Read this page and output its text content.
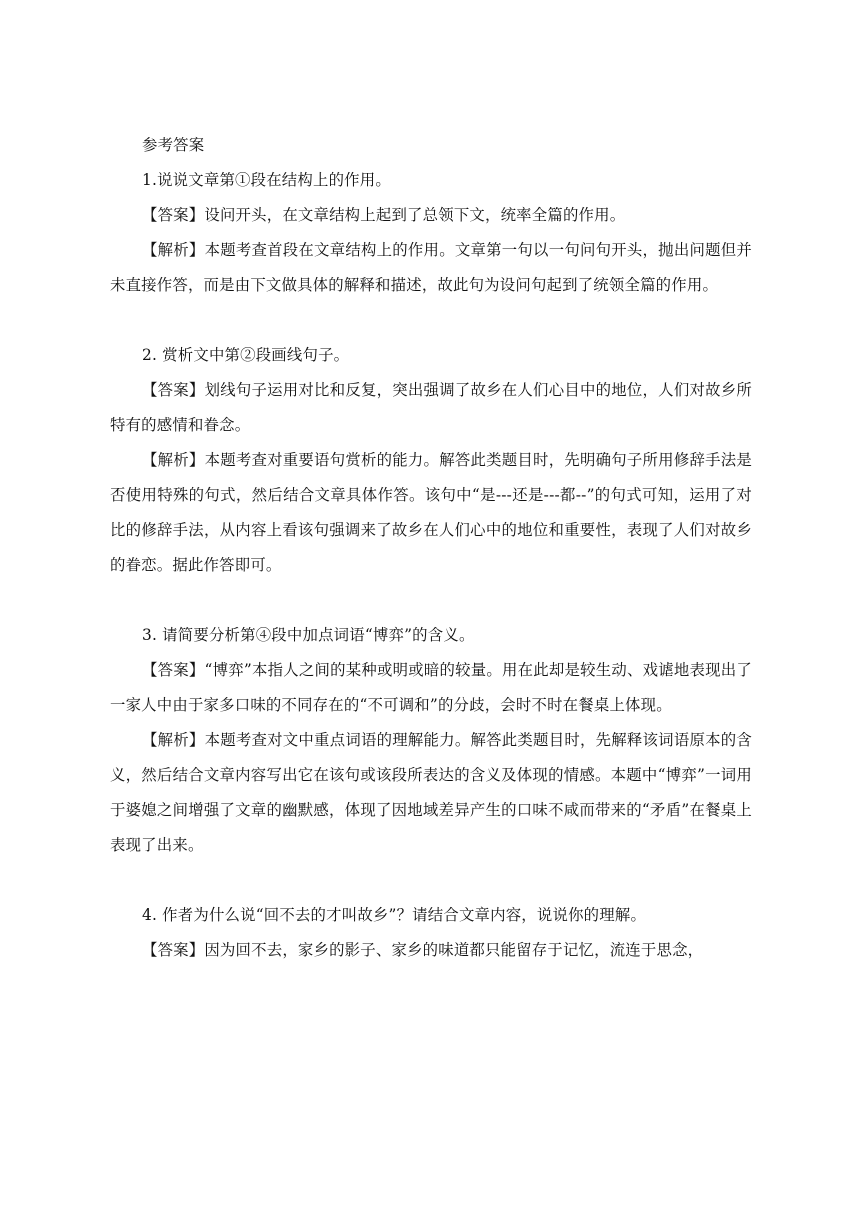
参考答案

1.说说文章第①段在结构上的作用。

【答案】设问开头，在文章结构上起到了总领下文，统率全篇的作用。

【解析】本题考查首段在文章结构上的作用。文章第一句以一句问句开头，抛出问题但并未直接作答，而是由下文做具体的解释和描述，故此句为设问句起到了统领全篇的作用。

2. 赏析文中第②段画线句子。

【答案】划线句子运用对比和反复，突出强调了故乡在人们心目中的地位，人们对故乡所特有的感情和眷念。

【解析】本题考查对重要语句赏析的能力。解答此类题目时，先明确句子所用修辞手法是否使用特殊的句式，然后结合文章具体作答。该句中“是---还是---都--”的句式可知，运用了对比的修辞手法，从内容上看该句强调来了故乡在人们心中的地位和重要性，表现了人们对故乡的眷恋。据此作答即可。

3. 请简要分析第④段中加点词语“博弈”的含义。

【答案】“博弈”本指人之间的某种或明或暗的较量。用在此却是较生动、戏谑地表现出了一家人中由于家多口味的不同存在的“不可调和”的分歧，会时不时在餐桌上体现。

【解析】本题考查对文中重点词语的理解能力。解答此类题目时，先解释该词语原本的含义，然后结合文章内容写出它在该句或该段所表达的含义及体现的情感。本题中“博弈”一词用于婆媳之间增强了文章的幽默感，体现了因地域差异产生的口味不咸而带来的“矛盾”在餐桌上表现了出来。

4. 作者为什么说“回不去的才叫故乡”？请结合文章内容，说说你的理解。

【答案】因为回不去，家乡的影子、家乡的味道都只能留存于记忆，流连于思念，
